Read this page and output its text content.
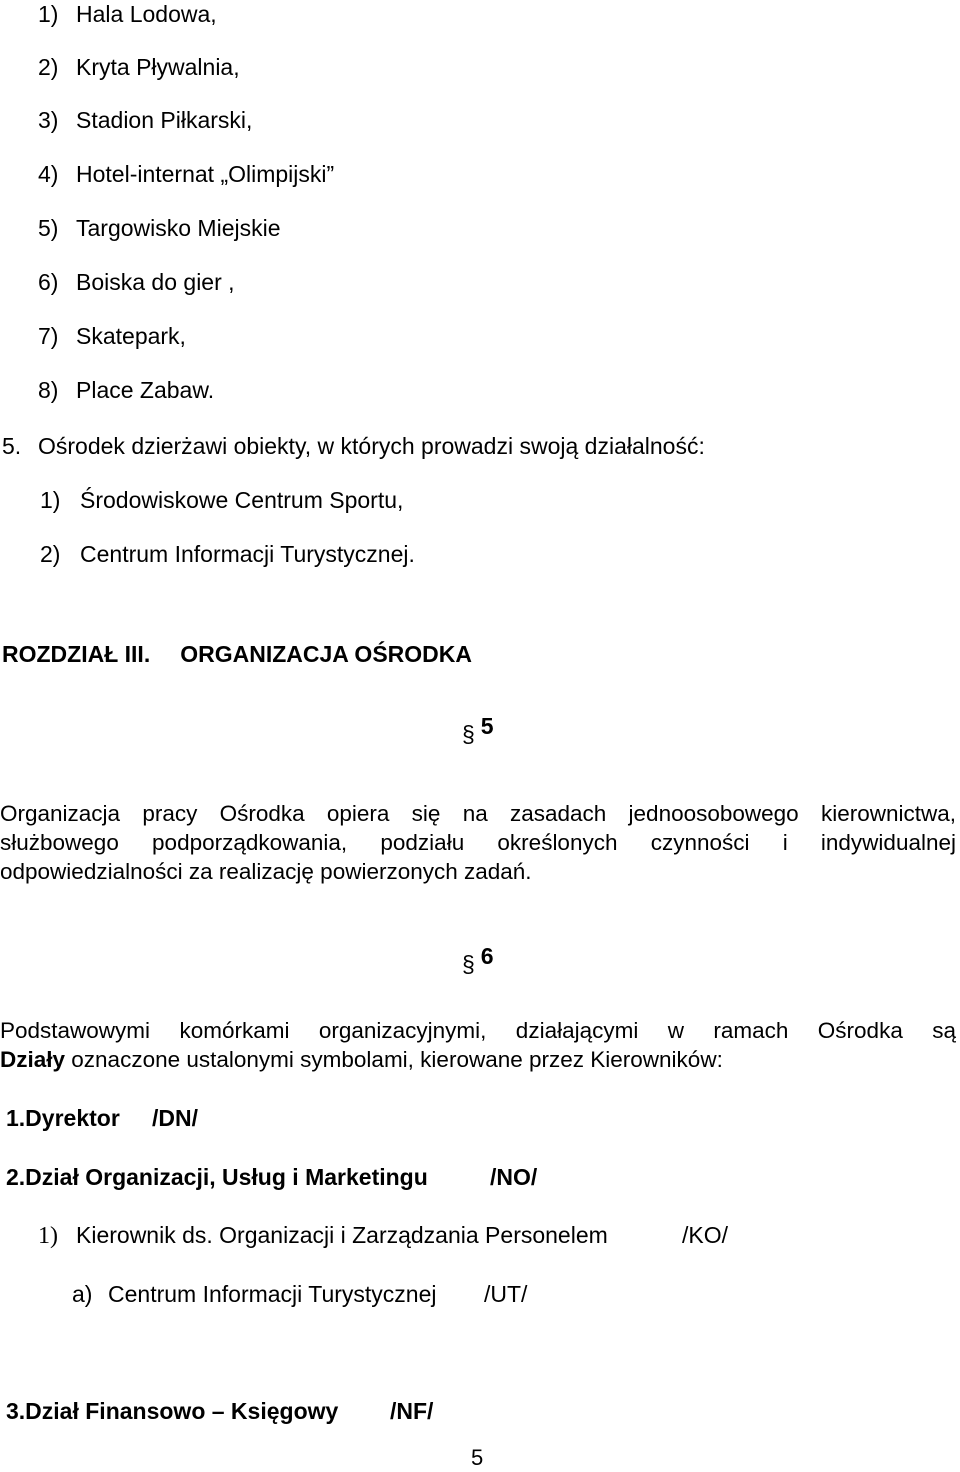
1) Hala Lodowa,
2) Kryta Pływalnia,
3) Stadion Piłkarski,
4) Hotel-internat „Olimpijski”
5) Targowisko Miejskie
6) Boiska do gier ,
7) Skatepark,
8) Place Zabaw.
5. Ośrodek dzierżawi obiekty, w których prowadzi swoją działalność:
1) Środowiskowe Centrum Sportu,
2) Centrum Informacji Turystycznej.
ROZDZIAŁ III. ORGANIZACJA OŚRODKA
§ 5
Organizacja pracy Ośrodka opiera się na zasadach jednoosobowego kierownictwa,
służbowego podporządkowania, podziału określonych czynności i indywidualnej
odpowiedzialności za realizację powierzonych zadań.
§ 6
Podstawowymi komórkami organizacyjnymi, działającymi w ramach Ośrodka są
Działy oznaczone ustalonymi symbolami, kierowane przez Kierowników:
1.Dyrektor /DN/
2.Dział Organizacji, Usług i Marketingu	/NO/
1) Kierownik ds. Organizacji i Zarządzania Personelem	/KO/
a) Centrum Informacji Turystycznej /UT/
3.Dział Finansowo – Księgowy /NF/
5
